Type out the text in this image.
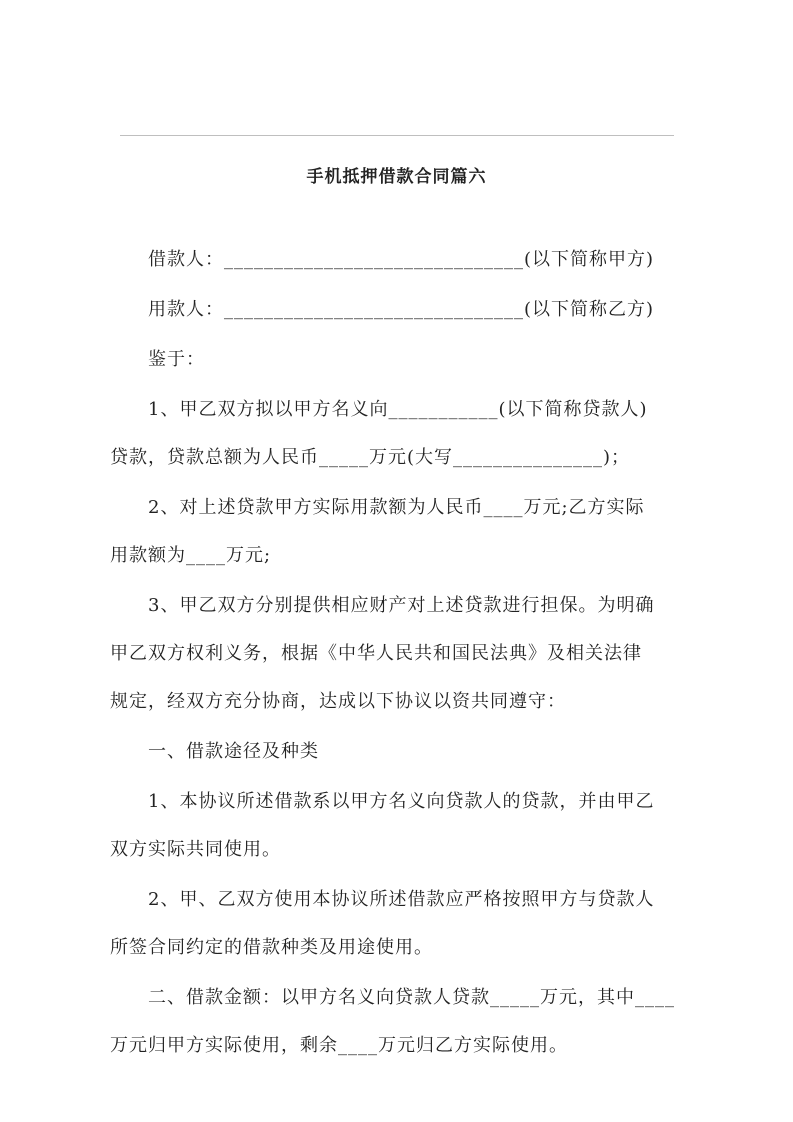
手机抵押借款合同篇六
借款人：______________________________(以下简称甲方)
用款人：______________________________(以下简称乙方)
鉴于：
1、甲乙双方拟以甲方名义向___________(以下简称贷款人)
贷款，贷款总额为人民币_____万元(大写_______________)；
2、对上述贷款甲方实际用款额为人民币____万元;乙方实际
用款额为____万元;
3、甲乙双方分别提供相应财产对上述贷款进行担保。为明确
甲乙双方权利义务，根据《中华人民共和国民法典》及相关法律
规定，经双方充分协商，达成以下协议以资共同遵守：
一、借款途径及种类
1、本协议所述借款系以甲方名义向贷款人的贷款，并由甲乙
双方实际共同使用。
2、甲、乙双方使用本协议所述借款应严格按照甲方与贷款人
所签合同约定的借款种类及用途使用。
二、借款金额：以甲方名义向贷款人贷款_____万元，其中____
万元归甲方实际使用，剩余____万元归乙方实际使用。
